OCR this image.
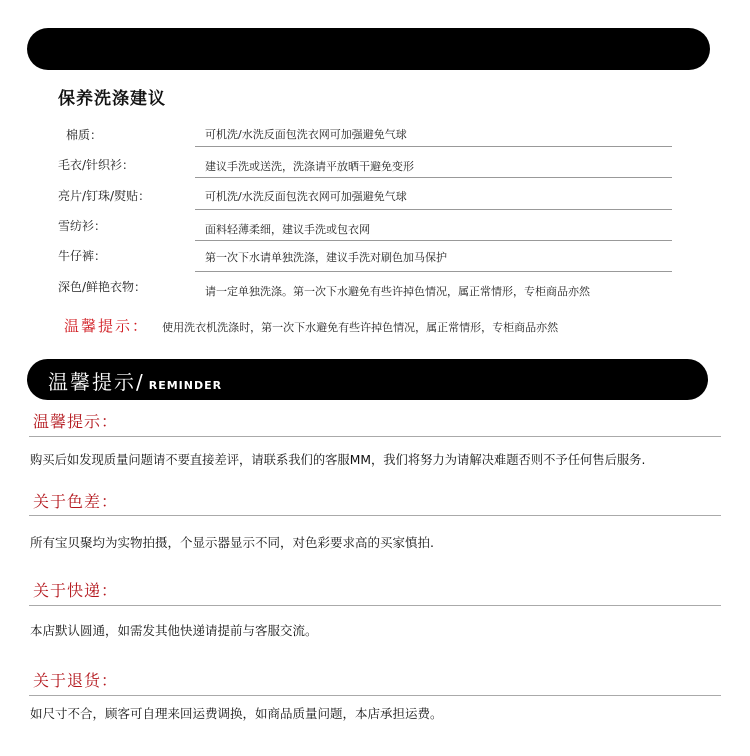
保养洗涤建议
棉质：	可机洗/水洗反面包洗衣网可加强避免气球
毛衣/针织衫：	建议手洗或送洗，洗涤请平放晒干避免变形
亮片/钉珠/熨贴：	可机洗/水洗反面包洗衣网可加强避免气球
雪纺衫：	面料轻薄柔细，建议手洗或包衣网
牛仔裤：	第一次下水请单独洗涤，建议手洗对刷色加马保护
深色/鲜艳衣物：	请一定单独洗涤。第一次下水避免有些许掉色情况，属正常情形，专柜商品亦然
温馨提示： 使用洗衣机洗涤时，第一次下水避免有些许掉色情况，属正常情形，专柜商品亦然
温馨提示/ REMINDER
温馨提示：
购买后如发现质量问题请不要直接差评，请联系我们的客服MM，我们将努力为请解决难题否则不予任何售后服务.
关于色差：
所有宝贝聚均为实物拍摄，个显示器显示不同，对色彩要求高的买家慎拍.
关于快递：
本店默认圆通，如需发其他快递请提前与客服交流。
关于退货：
如尺寸不合，顾客可自理来回运费调换，如商品质量问题，本店承担运费。
